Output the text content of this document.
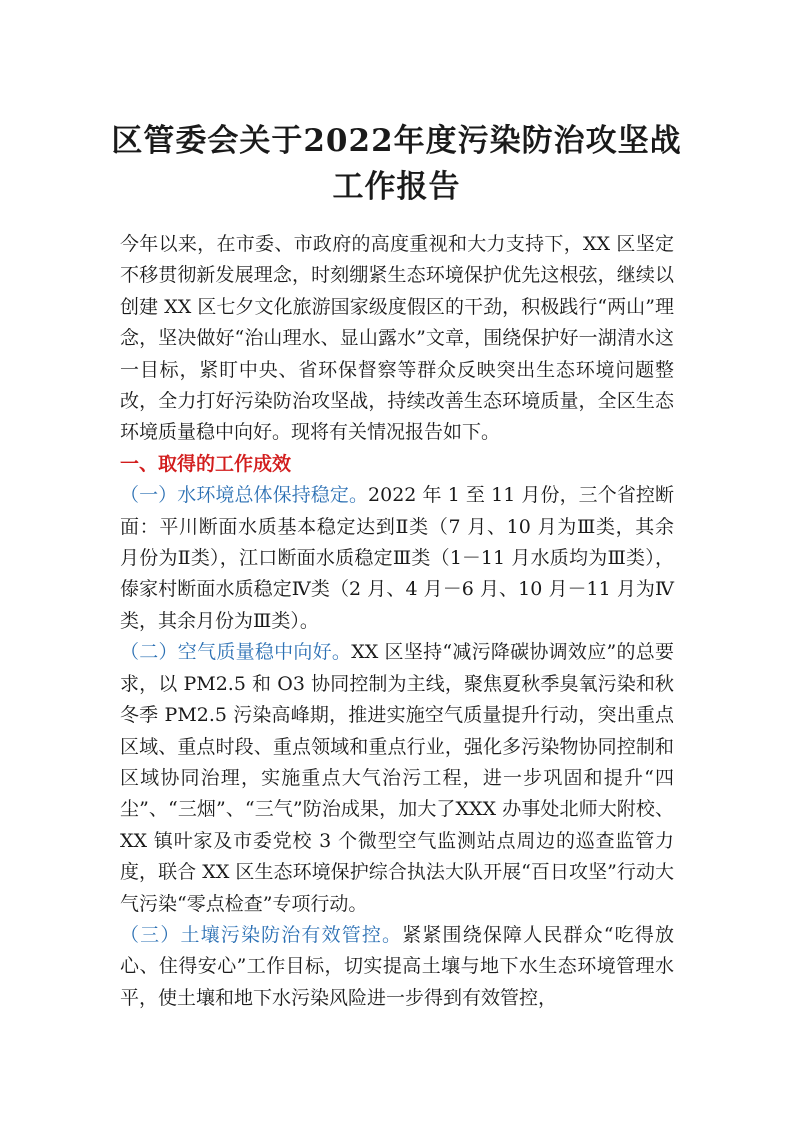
区管委会关于2022年度污染防治攻坚战工作报告

今年以来，在市委、市政府的高度重视和大力支持下，XX 区坚定不移贯彻新发展理念，时刻绷紧生态环境保护优先这根弦，继续以创建 XX 区七夕文化旅游国家级度假区的干劲，积极践行“两山”理念，坚决做好“治山理水、显山露水”文章，围绕保护好一湖清水这一目标，紧盯中央、省环保督察等群众反映突出生态环境问题整改，全力打好污染防治攻坚战，持续改善生态环境质量，全区生态环境质量稳中向好。现将有关情况报告如下。

一、取得的工作成效

（一）水环境总体保持稳定。2022 年 1 至 11 月份，三个省控断面：平川断面水质基本稳定达到Ⅱ类（7 月、10 月为Ⅲ类，其余月份为Ⅱ类），江口断面水质稳定Ⅲ类（1－11 月水质均为Ⅲ类），傣家村断面水质稳定Ⅳ类（2 月、4 月－6 月、10 月－11 月为Ⅳ类，其余月份为Ⅲ类）。

（二）空气质量稳中向好。XX 区坚持“减污降碳协调效应”的总要求，以 PM2.5 和 O3 协同控制为主线，聚焦夏秋季臭氧污染和秋冬季 PM2.5 污染高峰期，推进实施空气质量提升行动，突出重点区域、重点时段、重点领域和重点行业，强化多污染物协同控制和区域协同治理，实施重点大气治污工程，进一步巩固和提升“四尘”、“三烟”、“三气”防治成果，加大了XXX 办事处北师大附校、XX 镇叶家及市委党校 3 个微型空气监测站点周边的巡查监管力度，联合 XX 区生态环境保护综合执法大队开展“百日攻坚”行动大气污染“零点检查”专项行动。

（三）土壤污染防治有效管控。紧紧围绕保障人民群众“吃得放心、住得安心”工作目标，切实提高土壤与地下水生态环境管理水平，使土壤和地下水污染风险进一步得到有效管控，
